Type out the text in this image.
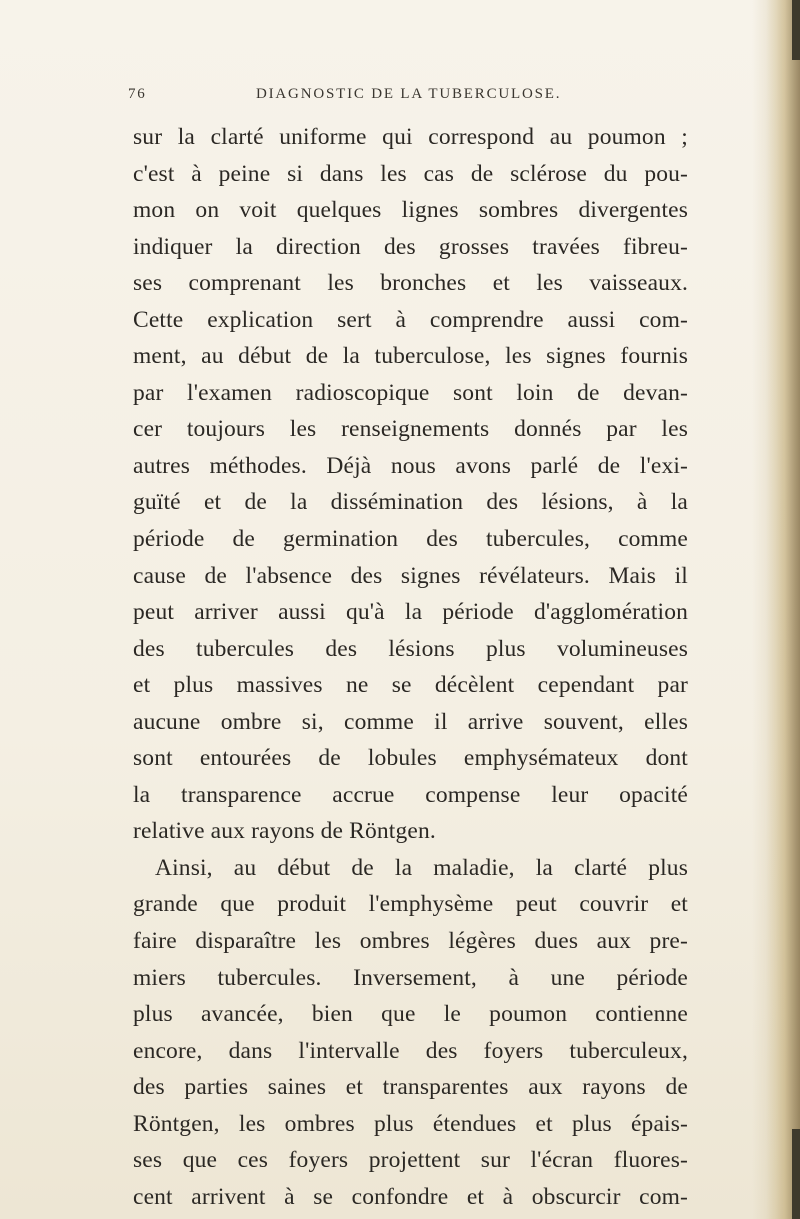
76	DIAGNOSTIC DE LA TUBERCULOSE.
sur la clarté uniforme qui correspond au poumon ;
c'est à peine si dans les cas de sclérose du pou-
mon on voit quelques lignes sombres divergentes
indiquer la direction des grosses travées fibreu-
ses comprenant les bronches et les vaisseaux.
Cette explication sert à comprendre aussi com-
ment, au début de la tuberculose, les signes fournis
par l'examen radioscopique sont loin de devan-
cer toujours les renseignements donnés par les
autres méthodes. Déjà nous avons parlé de l'exi-
guïté et de la dissémination des lésions, à la
période de germination des tubercules, comme
cause de l'absence des signes révélateurs. Mais il
peut arriver aussi qu'à la période d'agglomération
des tubercules des lésions plus volumineuses
et plus massives ne se décèlent cependant par
aucune ombre si, comme il arrive souvent, elles
sont entourées de lobules emphysémateux dont
la transparence accrue compense leur opacité
relative aux rayons de Röntgen.
Ainsi, au début de la maladie, la clarté plus
grande que produit l'emphysème peut couvrir et
faire disparaître les ombres légères dues aux pre-
miers tubercules. Inversement, à une période
plus avancée, bien que le poumon contienne
encore, dans l'intervalle des foyers tuberculeux,
des parties saines et transparentes aux rayons de
Röntgen, les ombres plus étendues et plus épais-
ses que ces foyers projettent sur l'écran fluores-
cent arrivent à se confondre et à obscurcir com-
